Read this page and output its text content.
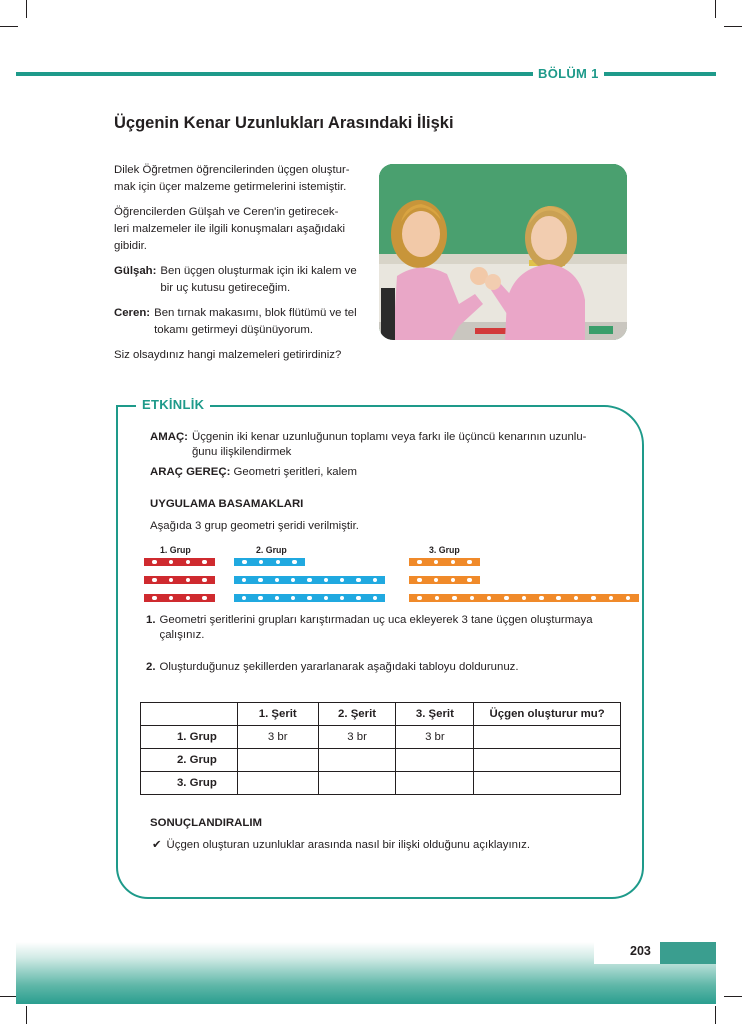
BÖLÜM 1
Üçgenin Kenar Uzunlukları Arasındaki İlişki

Dilek Öğretmen öğrencilerinden üçgen oluştur-
mak için üçer malzeme getirmelerini istemiştir.

Öğrencilerden Gülşah ve Ceren'in getirecek-
leri malzemeler ile ilgili konuşmaları aşağıdaki
gibidir.

Gülşah: Ben üçgen oluşturmak için iki kalem ve
bir uç kutusu getireceğim.
Ceren: Ben tırnak makasımı, blok flütümü ve tel
tokamı getirmeyi düşünüyorum.

Siz olsaydınız hangi malzemeleri getirirdiniz?

ETKİNLİK
AMAÇ: Üçgenin iki kenar uzunluğunun toplamı veya farkı ile üçüncü kenarının uzunlu-
ğunu ilişkilendirmek
ARAÇ GEREÇ: Geometri şeritleri, kalem
UYGULAMA BASAMAKLARI
Aşağıda 3 grup geometri şeridi verilmiştir.
1. Grup	2. Grup	3. Grup
1. Geometri şeritlerini grupları karıştırmadan uç uca ekleyerek 3 tane üçgen oluşturmaya
çalışınız.
2. Oluşturduğunuz şekillerden yararlanarak aşağıdaki tabloyu doldurunuz.
	1. Şerit	2. Şerit	3. Şerit	Üçgen oluşturur mu?
1. Grup	3 br	3 br	3 br	
2. Grup				
3. Grup				
SONUÇLANDIRALIM
✔ Üçgen oluşturan uzunluklar arasında nasıl bir ilişki olduğunu açıklayınız.
203
